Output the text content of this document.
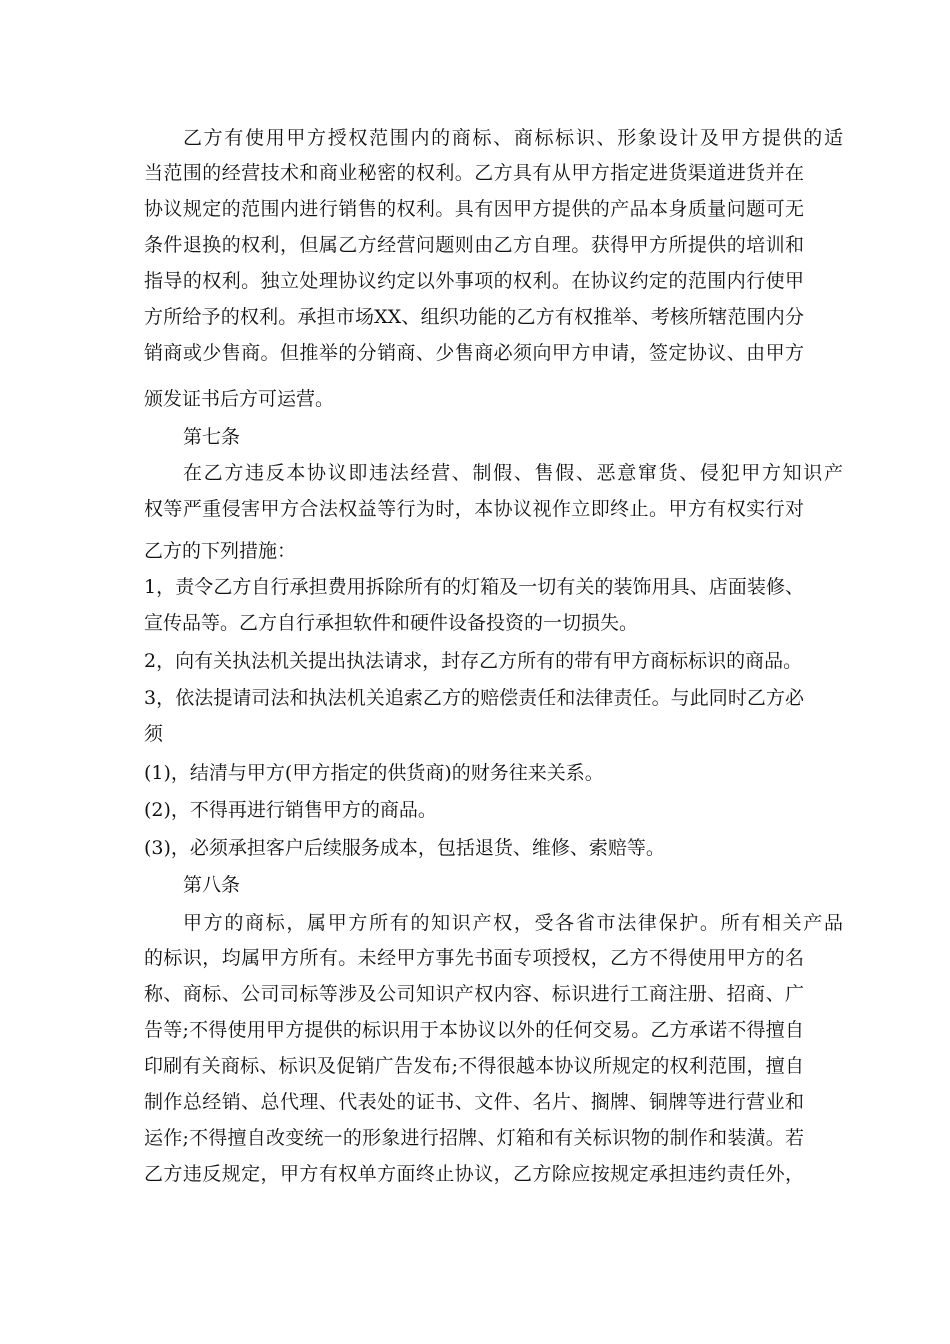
乙方有使用甲方授权范围内的商标、商标标识、形象设计及甲方提供的适
当范围的经营技术和商业秘密的权利。乙方具有从甲方指定进货渠道进货并在
协议规定的范围内进行销售的权利。具有因甲方提供的产品本身质量问题可无
条件退换的权利，但属乙方经营问题则由乙方自理。获得甲方所提供的培训和
指导的权利。独立处理协议约定以外事项的权利。在协议约定的范围内行使甲
方所给予的权利。承担市场XX、组织功能的乙方有权推举、考核所辖范围内分
销商或少售商。但推举的分销商、少售商必须向甲方申请，签定协议、由甲方
颁发证书后方可运营。
第七条
在乙方违反本协议即违法经营、制假、售假、恶意窜货、侵犯甲方知识产
权等严重侵害甲方合法权益等行为时，本协议视作立即终止。甲方有权实行对
乙方的下列措施：
1，责令乙方自行承担费用拆除所有的灯箱及一切有关的装饰用具、店面装修、
宣传品等。乙方自行承担软件和硬件设备投资的一切损失。
2，向有关执法机关提出执法请求，封存乙方所有的带有甲方商标标识的商品。
3，依法提请司法和执法机关追索乙方的赔偿责任和法律责任。与此同时乙方必
须
(1)，结清与甲方(甲方指定的供货商)的财务往来关系。
(2)，不得再进行销售甲方的商品。
(3)，必须承担客户后续服务成本，包括退货、维修、索赔等。
第八条
甲方的商标，属甲方所有的知识产权，受各省市法律保护。所有相关产品
的标识，均属甲方所有。未经甲方事先书面专项授权，乙方不得使用甲方的名
称、商标、公司司标等涉及公司知识产权内容、标识进行工商注册、招商、广
告等;不得使用甲方提供的标识用于本协议以外的任何交易。乙方承诺不得擅自
印刷有关商标、标识及促销广告发布;不得很越本协议所规定的权利范围，擅自
制作总经销、总代理、代表处的证书、文件、名片、搁牌、铜牌等进行营业和
运作;不得擅自改变统一的形象进行招牌、灯箱和有关标识物的制作和装潢。若
乙方违反规定，甲方有权单方面终止协议，乙方除应按规定承担违约责任外，
